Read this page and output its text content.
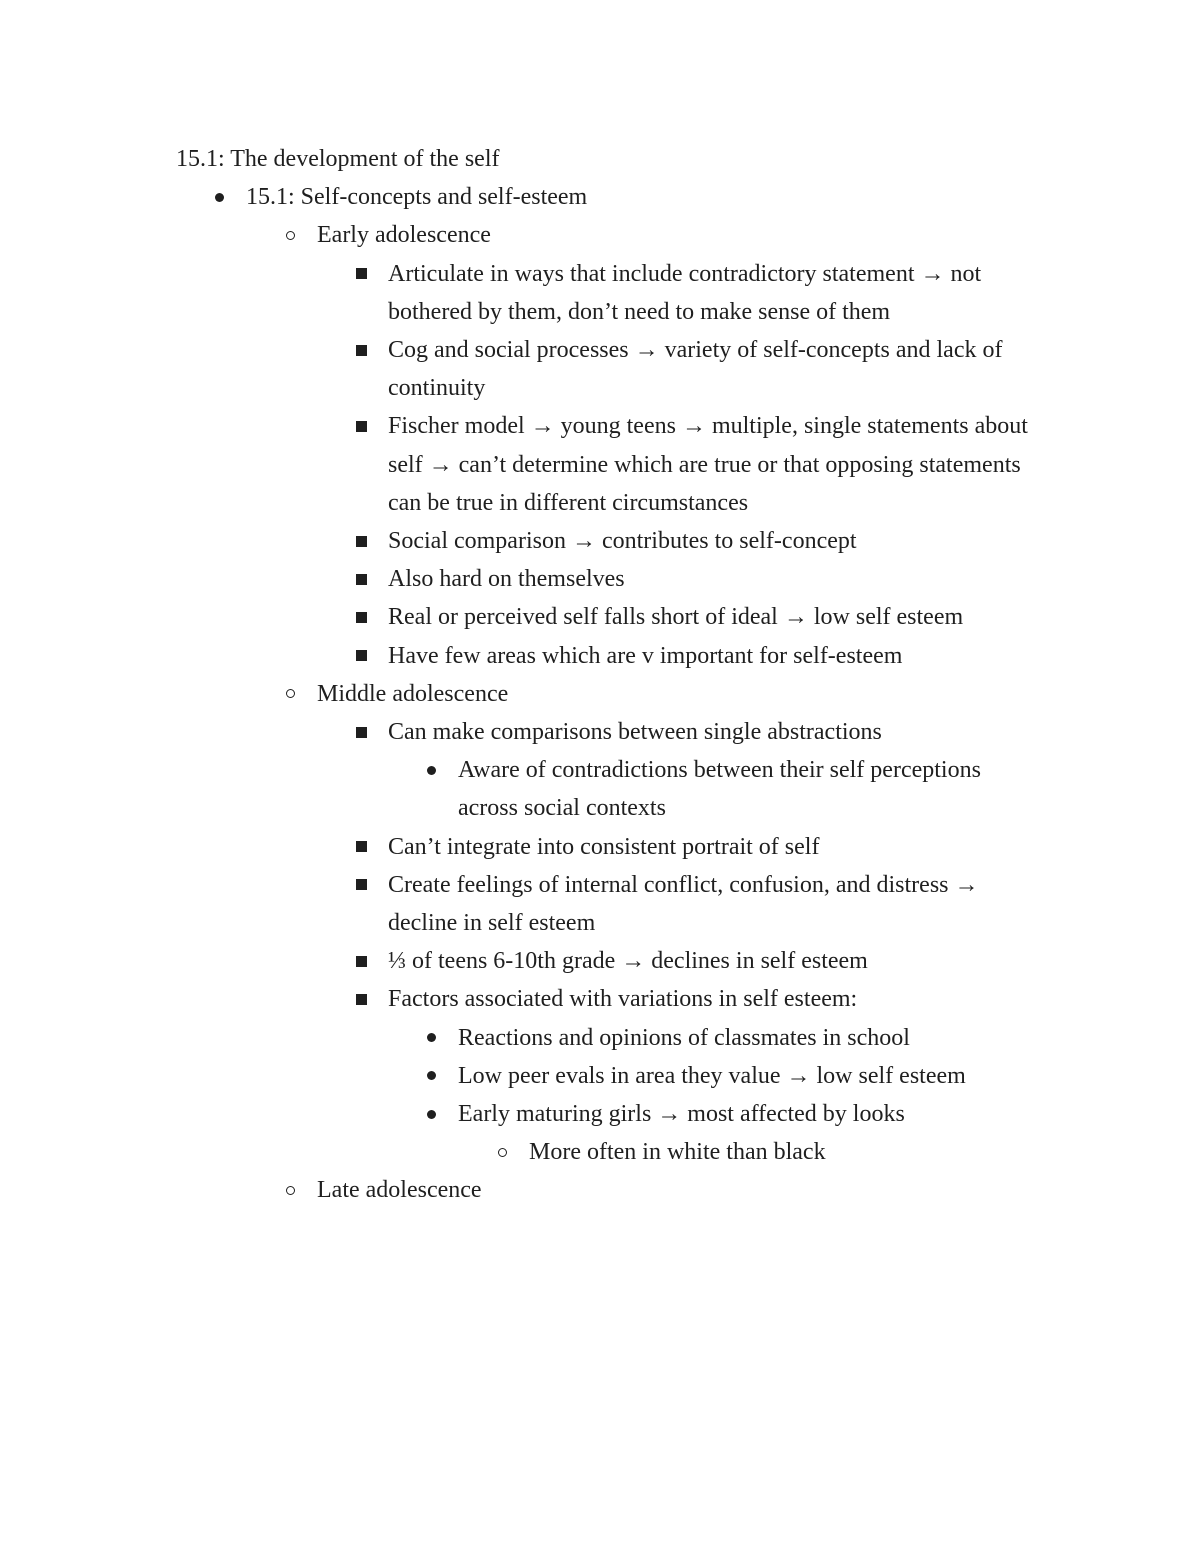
15.1: The development of the self
15.1: Self-concepts and self-esteem
Early adolescence
Articulate in ways that include contradictory statement → not bothered by them, don’t need to make sense of them
Cog and social processes → variety of self-concepts and lack of continuity
Fischer model → young teens → multiple, single statements about self → can’t determine which are true or that opposing statements can be true in different circumstances
Social comparison → contributes to self-concept
Also hard on themselves
Real or perceived self falls short of ideal → low self esteem
Have few areas which are v important for self-esteem
Middle adolescence
Can make comparisons between single abstractions
Aware of contradictions between their self perceptions across social contexts
Can’t integrate into consistent portrait of self
Create feelings of internal conflict, confusion, and distress → decline in self esteem
⅓ of teens 6-10th grade → declines in self esteem
Factors associated with variations in self esteem:
Reactions and opinions of classmates in school
Low peer evals in area they value → low self esteem
Early maturing girls → most affected by looks
More often in white than black
Late adolescence
